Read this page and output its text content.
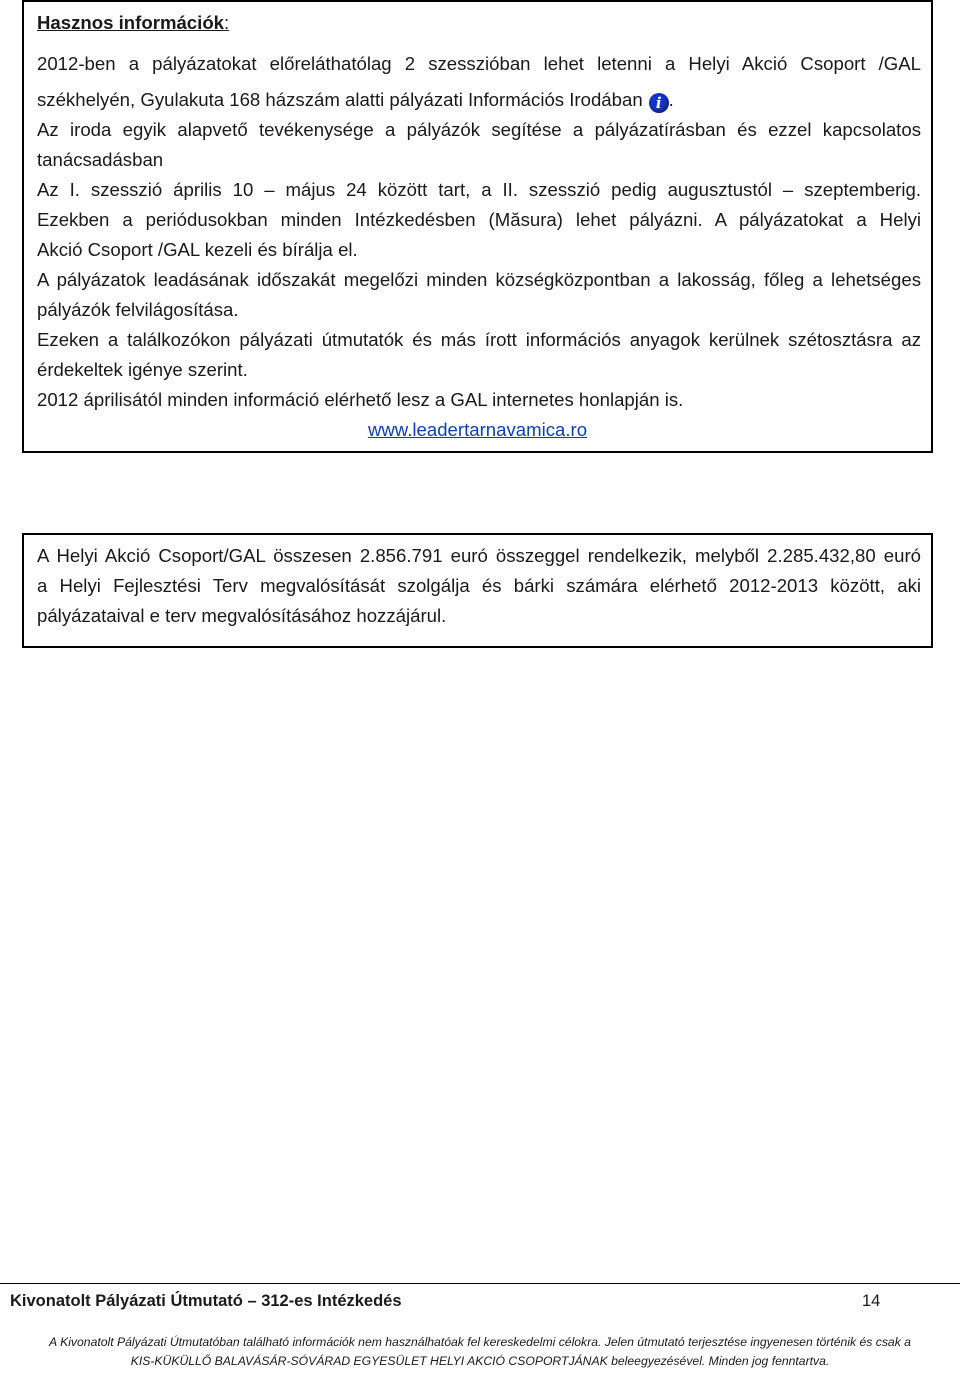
Hasznos információk:
2012-ben a pályázatokat előreláthatólag 2 szesszióban lehet letenni a Helyi Akció Csoport /GAL
székhelyén, Gyulakuta 168 házszám alatti pályázati Információs Irodában i .
Az iroda egyik alapvető tevékenysége a pályázók segítése a pályázatírásban és ezzel kapcsolatos
tanácsadásban
Az I. szesszió április 10 – május 24 között tart, a II. szesszió pedig augusztustól – szeptemberig.
Ezekben a periódusokban minden Intézkedésben (Măsura) lehet pályázni. A pályázatokat a Helyi
Akció Csoport /GAL kezeli és bírálja el.
A pályázatok leadásának időszakát megelőzi minden községközpontban a lakosság, főleg a lehetséges
pályázók felvilágosítása.
Ezeken a találkozókon pályázati útmutatók és más írott információs anyagok kerülnek szétosztásra az
érdekeltek igénye szerint.
2012 áprilisától minden információ elérhető lesz a GAL internetes honlapján is.
www.leadertarnavamica.ro
A Helyi Akció Csoport/GAL összesen 2.856.791 euró összeggel rendelkezik, melyből 2.285.432,80 euró
a Helyi Fejlesztési Terv megvalósítását szolgálja és bárki számára elérhető 2012-2013 között, aki
pályázataival e terv megvalósításához hozzájárul.
Kivonatolt Pályázati Útmutató – 312-es Intézkedés	14
A Kivonatolt Pályázati Útmutatóban található információk nem használhatóak fel kereskedelmi célokra. Jelen útmutató terjesztése ingyenesen történik és csak a
KIS-KÜKÜLLŐ BALAVÁSÁR-SÓVÁRAD EGYESÜLET HELYI AKCIÓ CSOPORTJÁNAK beleegyezésével. Minden jog fenntartva.
